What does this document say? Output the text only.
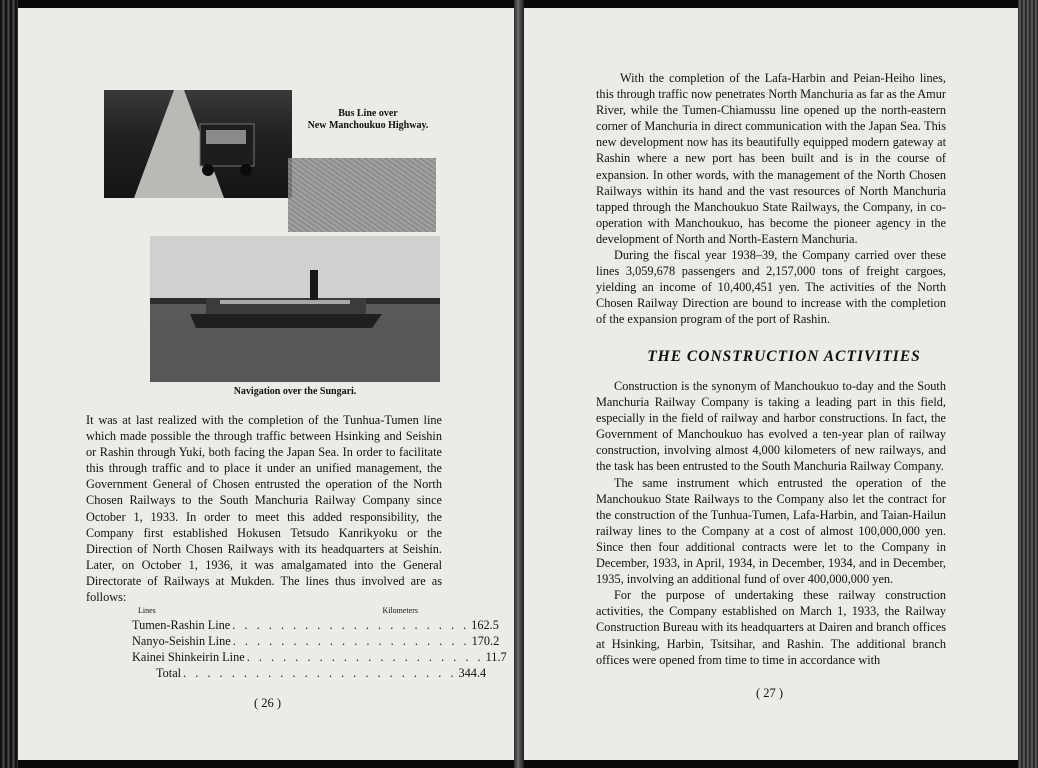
Bus Line over
New Manchoukuo Highway.
Navigation over the Sungari.

It was at last realized with the completion of the Tunhua-Tumen line which made possible the through traffic between Hsinking and Seishin or Rashin through Yuki, both facing the Japan Sea. In order to facilitate this through traffic and to place it under an unified management, the Government General of Chosen entrusted the operation of the North Chosen Railways to the South Manchuria Railway Company since October 1, 1933. In order to meet this added responsibility, the Company first established Hokusen Tetsudo Kanrikyoku or the Direction of North Chosen Railways with its headquarters at Seishin. Later, on October 1, 1936, it was amalgamated into the General Directorate of Railways at Mukden. The lines thus involved are as follows:

Lines	Kilometers
Tumen-Rashin Line . . . . . . . . . . . . . . . . . . . . 162.5
Nanyo-Seishin Line . . . . . . . . . . . . . . . . . . . . 170.2
Kainei Shinkeirin Line . . . . . . . . . . . . . . . . . . . . 11.7
Total . . . . . . . . . . . . . . . . . . . . . . . 344.4
( 26 )

With the completion of the Lafa-Harbin and Peian-Heiho lines, this through traffic now penetrates North Manchuria as far as the Amur River, while the Tumen-Chiamussu line opened up the north-eastern corner of Manchuria in direct communication with the Japan Sea. This new development now has its beautifully equipped modern gateway at Rashin where a new port has been built and is in the course of expansion. In other words, with the management of the North Chosen Railways within its hand and the vast resources of North Manchuria tapped through the Manchoukuo State Railways, the Company, in co-operation with Manchoukuo, has become the pioneer agency in the development of North and North-Eastern Manchuria.

During the fiscal year 1938–39, the Company carried over these lines 3,059,678 passengers and 2,157,000 tons of freight cargoes, yielding an income of 10,400,451 yen. The activities of the North Chosen Railway Direction are bound to increase with the completion of the expansion program of the port of Rashin.

THE CONSTRUCTION ACTIVITIES

Construction is the synonym of Manchoukuo to-day and the South Manchuria Railway Company is taking a leading part in this field, especially in the field of railway and harbor constructions. In fact, the Government of Manchoukuo has evolved a ten-year plan of railway construction, involving almost 4,000 kilometers of new railways, and the task has been entrusted to the South Manchuria Railway Company.

The same instrument which entrusted the operation of the Manchoukuo State Railways to the Company also let the contract for the construction of the Tunhua-Tumen, Lafa-Harbin, and Taian-Hailun railway lines to the Company at a cost of almost 100,000,000 yen. Since then four additional contracts were let to the Company in December, 1933, in April, 1934, in December, 1934, and in December, 1935, involving an additional fund of over 400,000,000 yen.

For the purpose of undertaking these railway construction activities, the Company established on March 1, 1933, the Railway Construction Bureau with its headquarters at Dairen and branch offices at Hsinking, Harbin, Tsitsihar, and Rashin. The additional branch offices were opened from time to time in accordance with

( 27 )
